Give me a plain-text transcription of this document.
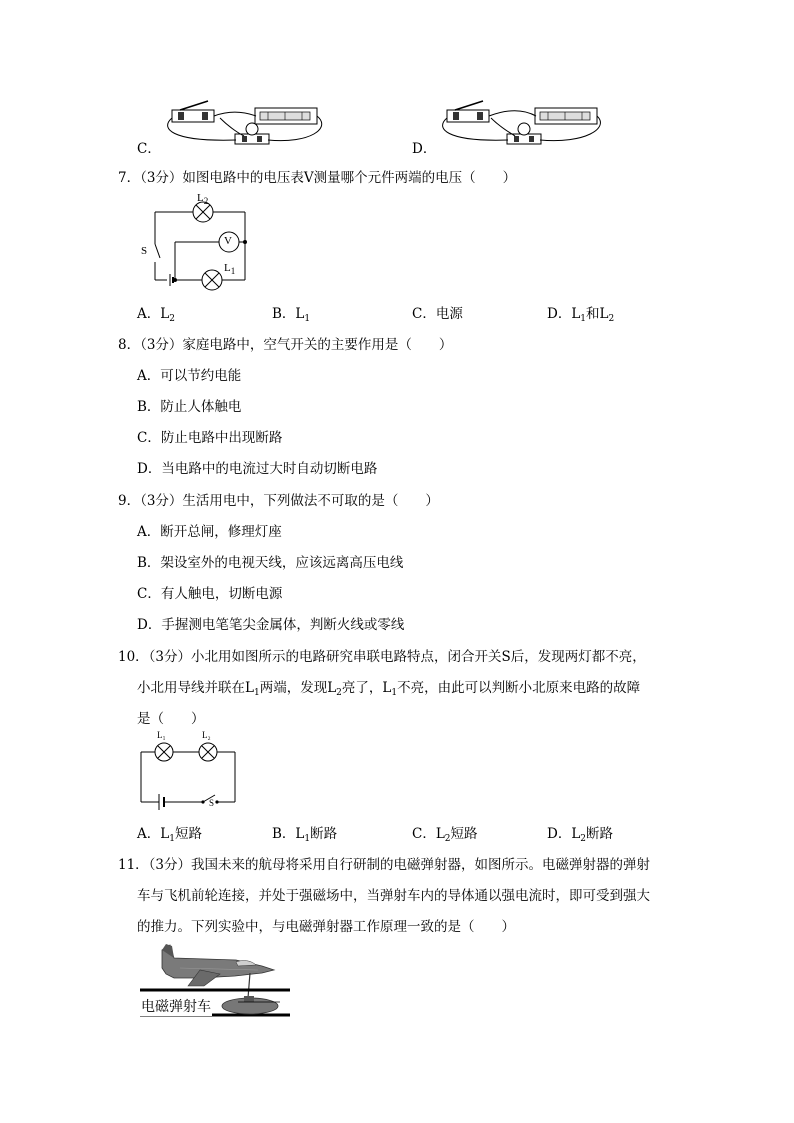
C．	D．
7．（3分）如图电路中的电压表V测量哪个元件两端的电压（　　）
V
$L_2$
$L_1$
S
A．$L_2$	B．$L_1$	C．电源	D．$L_1$和$L_2$
8．（3分）家庭电路中，空气开关的主要作用是（　　）
A．可以节约电能
B．防止人体触电
C．防止电路中出现断路
D．当电路中的电流过大时自动切断电路
9．（3分）生活用电中，下列做法不可取的是（　　）
A．断开总闸，修理灯座
B．架设室外的电视天线，应该远离高压电线
C．有人触电，切断电源
D．手握测电笔笔尖金属体，判断火线或零线
10．（3分）小北用如图所示的电路研究串联电路特点，闭合开关S后，发现两灯都不亮，
小北用导线并联在$L_1$两端，发现$L_2$亮了，$L_1$不亮，由此可以判断小北原来电路的故障
是（　　）
L₁	L₂
S
A．$L_1$短路	B．$L_1$断路	C．$L_2$短路	D．$L_2$断路
11．（3分）我国未来的航母将采用自行研制的电磁弹射器，如图所示。电磁弹射器的弹射
车与飞机前轮连接，并处于强磁场中，当弹射车内的导体通以强电流时，即可受到强大
的推力。下列实验中，与电磁弹射器工作原理一致的是（　　）
电磁弹射车
